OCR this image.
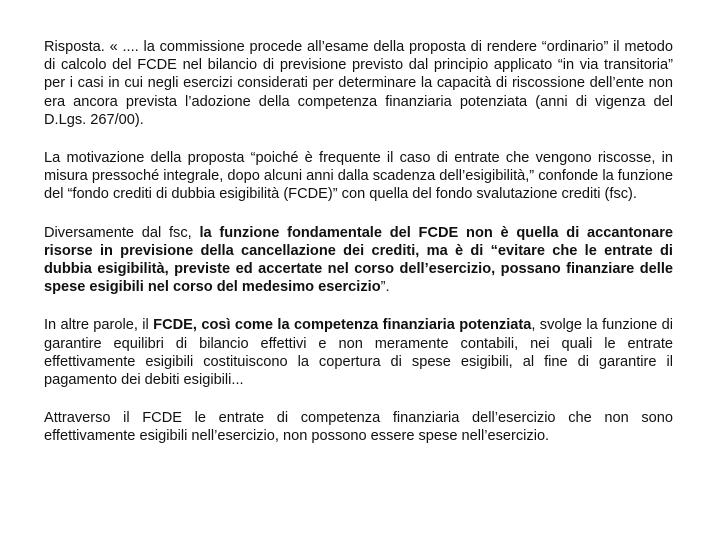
Risposta. « .... la commissione procede all’esame della proposta di rendere “ordinario” il metodo di calcolo del FCDE nel bilancio di previsione previsto dal principio applicato “in via transitoria” per i casi in cui negli esercizi considerati per determinare la capacità di riscossione dell’ente non era ancora prevista l’adozione della competenza finanziaria potenziata (anni di vigenza del D.Lgs. 267/00).

La motivazione della proposta “poiché è frequente il caso di entrate che vengono riscosse, in misura pressoché integrale, dopo alcuni anni dalla scadenza dell’esigibilità,” confonde la funzione del “fondo crediti di dubbia esigibilità (FCDE)” con quella del fondo svalutazione crediti (fsc).

Diversamente dal fsc, la funzione fondamentale del FCDE non è quella di accantonare risorse in previsione della cancellazione dei crediti, ma è di “evitare che le entrate di dubbia esigibilità, previste ed accertate nel corso dell’esercizio, possano finanziare delle spese esigibili nel corso del medesimo esercizio”.

In altre parole, il FCDE, così come la competenza finanziaria potenziata, svolge la funzione di garantire equilibri di bilancio effettivi e non meramente contabili, nei quali le entrate effettivamente esigibili costituiscono la copertura di spese esigibili, al fine di garantire il pagamento dei debiti esigibili...

Attraverso il FCDE le entrate di competenza finanziaria dell’esercizio che non sono effettivamente esigibili nell’esercizio, non possono essere spese nell’esercizio.
